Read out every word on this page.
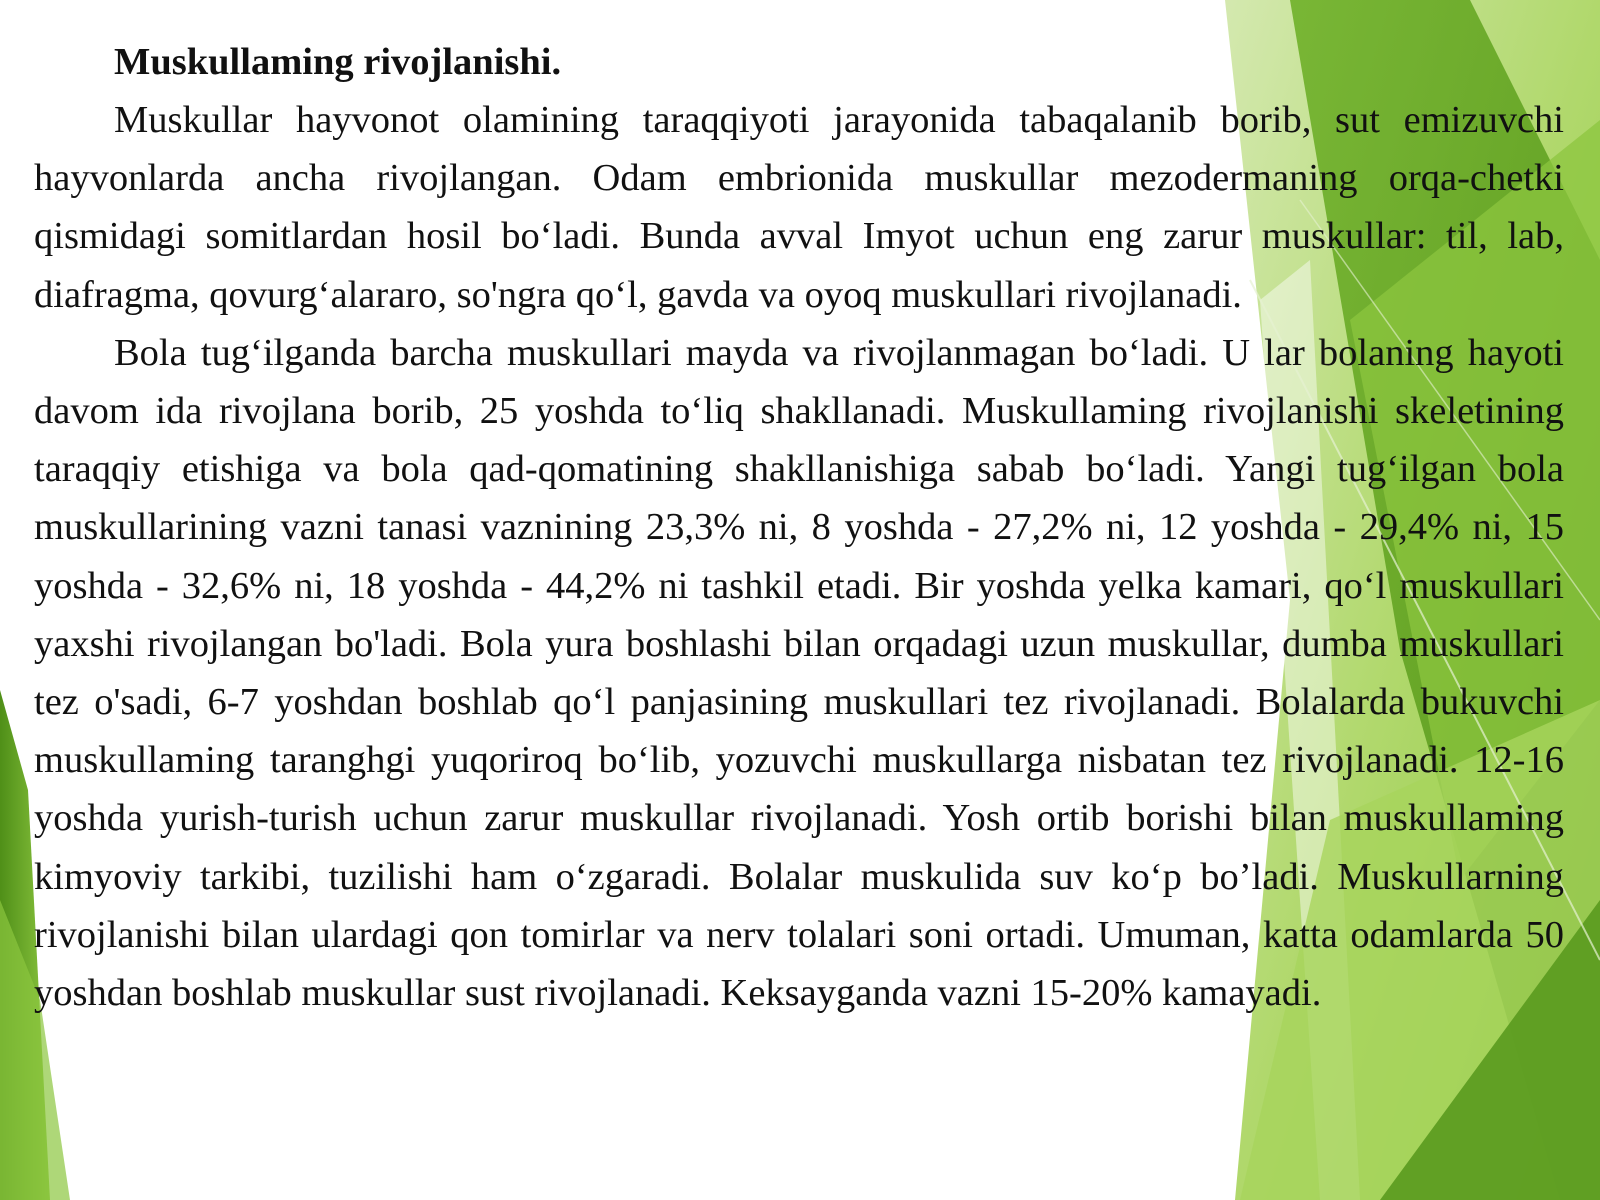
Muskullaming rivojlanishi.

Muskullar hayvonot olamining taraqqiyoti jarayonida tabaqalanib borib, sut emizuvchi hayvonlarda ancha rivojlangan. Odam embrionida muskullar mezodermaning orqa-chetki qismidagi somitlardan hosil bo‘ladi. Bunda avval Imyot uchun eng zarur muskullar: til, lab, diafragma, qovurg‘alararo, so'ngra qo‘l, gavda va oyoq muskullari rivojlanadi.

Bola tug‘ilganda barcha muskullari mayda va rivojlanmagan bo‘ladi. U lar bolaning hayoti davom ida rivojlana borib, 25 yoshda to‘liq shakllanadi. Muskullaming rivojlanishi skeletining taraqqiy etishiga va bola qad-qomatining shakllanishiga sabab bo‘ladi. Yangi tug‘ilgan bola muskullarining vazni tanasi vaznining 23,3% ni, 8 yoshda - 27,2% ni, 12 yoshda - 29,4% ni, 15 yoshda - 32,6% ni, 18 yoshda - 44,2% ni tashkil etadi. Bir yoshda yelka kamari, qo‘l muskullari yaxshi rivojlangan bo'ladi. Bola yura boshlashi bilan orqadagi uzun muskullar, dumba muskullari tez o'sadi, 6-7 yoshdan boshlab qo‘l panjasining muskullari tez rivojlanadi. Bolalarda bukuvchi muskullaming taranghgi yuqoriroq bo‘lib, yozuvchi muskullarga nisbatan tez rivojlanadi. 12-16 yoshda yurish-turish uchun zarur muskullar rivojlanadi. Yosh ortib borishi bilan muskullaming kimyoviy tarkibi, tuzilishi ham o‘zgaradi. Bolalar muskulida suv ko‘p bo’ladi. Muskullarning rivojlanishi bilan ulardagi qon tomirlar va nerv tolalari soni ortadi. Umuman, katta odamlarda 50 yoshdan boshlab muskullar sust rivojlanadi. Keksayganda vazni 15-20% kamayadi.
